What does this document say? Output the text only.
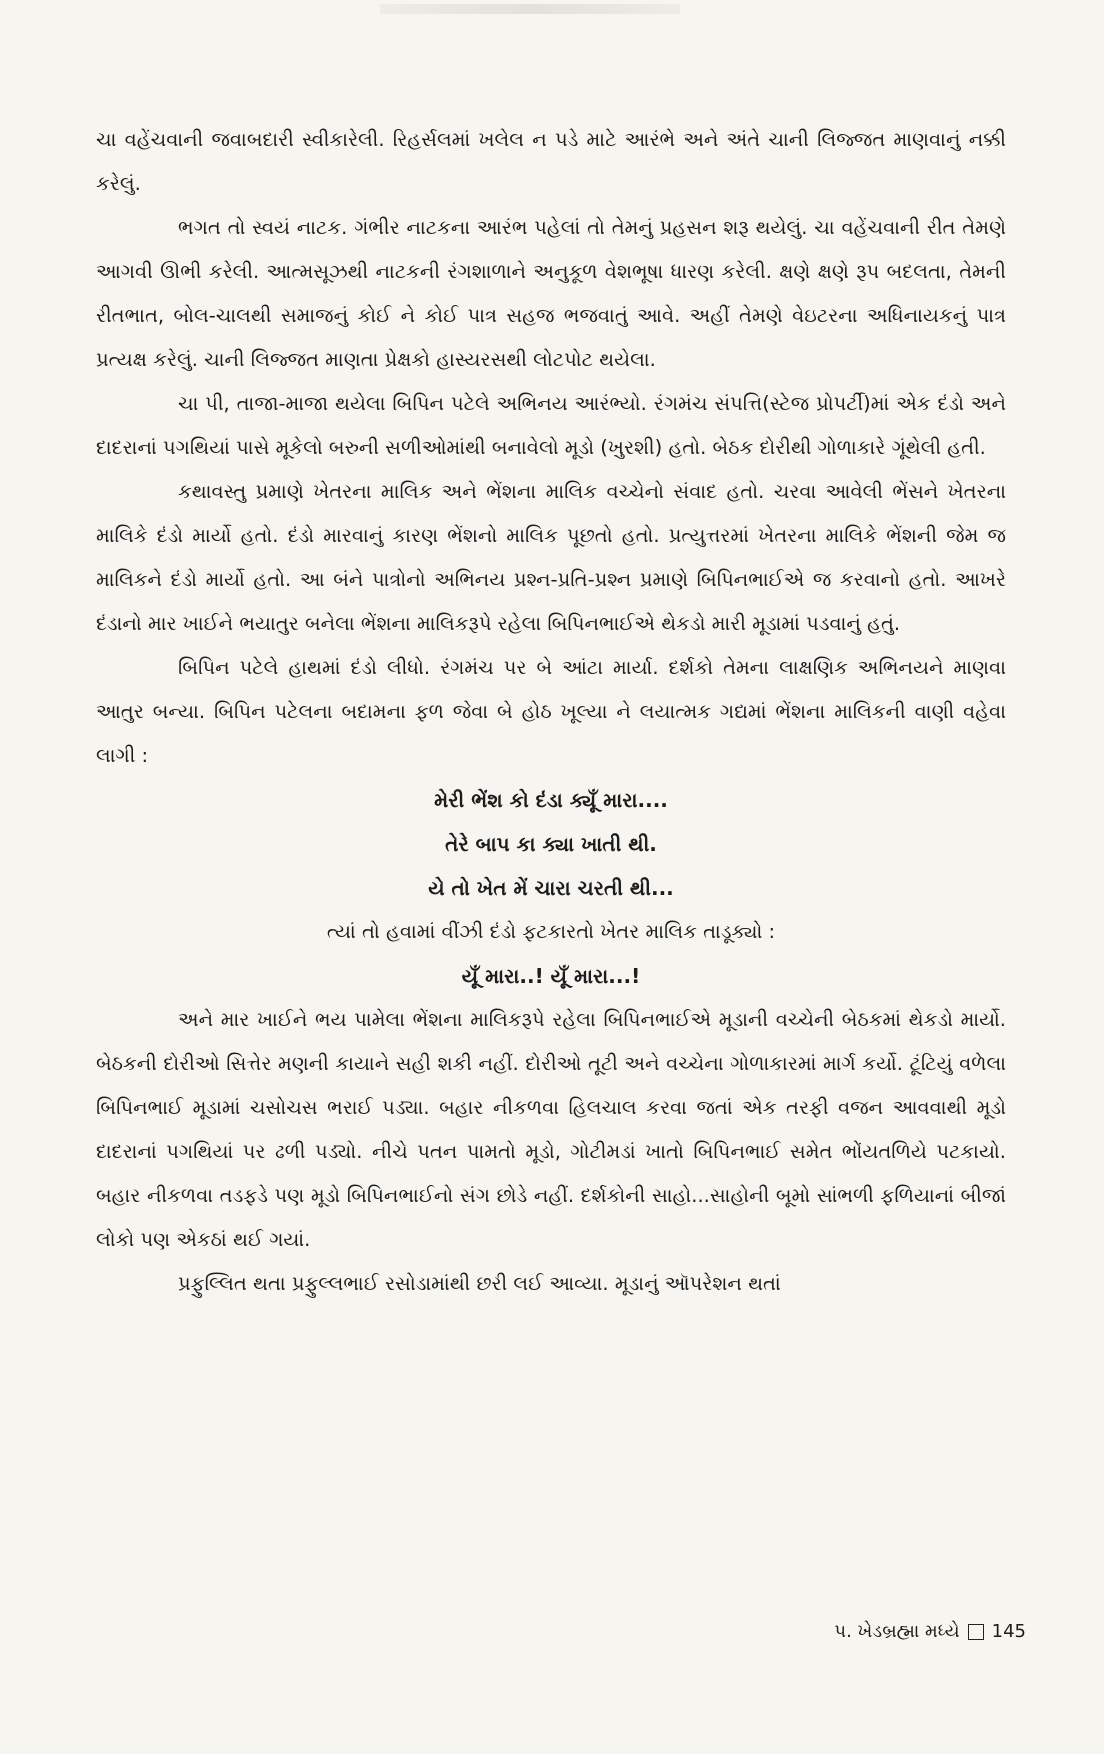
ચા વહેંચવાની જવાબદારી સ્વીકારેલી. રિહર્સલમાં ખલેલ ન પડે માટે આરંભે અને અંતે ચાની લિજ્જત માણવાનું નક્કી કરેલું.

ભગત તો સ્વયં નાટક. ગંભીર નાટકના આરંભ પહેલાં તો તેમનું પ્રહસન શરૂ થયેલું. ચા વહેંચવાની રીત તેમણે આગવી ઊભી કરેલી. આત્મસૂઝથી નાટકની રંગશાળાને અનુકૂળ વેશભૂષા ધારણ કરેલી. ક્ષણે ક્ષણે રૂપ બદલતા, તેમની રીતભાત, બોલ-ચાલથી સમાજનું કોઈ ને કોઈ પાત્ર સહજ ભજવાતું આવે. અહીં તેમણે વેઇટરના અધિનાયકનું પાત્ર પ્રત્યક્ષ કરેલું. ચાની લિજ્જત માણતા પ્રેક્ષકો હાસ્યરસથી લોટપોટ થયેલા.

ચા પી, તાજા-માજા થયેલા બિપિન પટેલે અભિનય આરંભ્યો. રંગમંચ સંપત્તિ(સ્ટેજ પ્રોપર્ટી)માં એક દંડો અને દાદરાનાં પગથિયાં પાસે મૂકેલો બરુની સળીઓમાંથી બનાવેલો મૂડો (ખુરશી) હતો. બેઠક દોરીથી ગોળાકારે ગૂંથેલી હતી.

કથાવસ્તુ પ્રમાણે ખેતરના માલિક અને ભેંશના માલિક વચ્ચેનો સંવાદ હતો. ચરવા આવેલી ભેંસને ખેતરના માલિકે દંડો માર્યો હતો. દંડો મારવાનું કારણ ભેંશનો માલિક પૂછતો હતો. પ્રત્યુત્તરમાં ખેતરના માલિકે ભેંશની જેમ જ માલિકને દંડો માર્યો હતો. આ બંને પાત્રોનો અભિનય પ્રશ્ન-પ્રતિ-પ્રશ્ન પ્રમાણે બિપિનભાઈએ જ કરવાનો હતો. આખરે દંડાનો માર ખાઈને ભયાતુર બનેલા ભેંશના માલિકરૂપે રહેલા બિપિનભાઈએ થેકડો મારી મૂડામાં પડવાનું હતું.

બિપિન પટેલે હાથમાં દંડો લીધો. રંગમંચ પર બે આંટા માર્યા. દર્શકો તેમના લાક્ષણિક અભિનયને માણવા આતુર બન્યા. બિપિન પટેલના બદામના ફળ જેવા બે હોઠ ખૂલ્યા ને લયાત્મક ગદ્યમાં ભેંશના માલિકની વાણી વહેવા લાગી :

મેરી ભેંશ કો દંડા ક્યૂઁ મારા....

તેરે બાપ કા ક્યા ખાતી થી.

યે તો ખેત મેં ચારા ચરતી થી...

ત્યાં તો હવામાં વીંઝી દંડો ફટકારતો ખેતર માલિક તાડૂક્યો :

યૂઁ મારા..! યૂઁ મારા...!

અને માર ખાઈને ભય પામેલા ભેંશના માલિકરૂપે રહેલા બિપિનભાઈએ મૂડાની વચ્ચેની બેઠકમાં થેકડો માર્યો. બેઠકની દોરીઓ સિત્તેર મણની કાયાને સહી શકી નહીં. દોરીઓ તૂટી અને વચ્ચેના ગોળાકારમાં માર્ગ કર્યો. ટૂંટિયું વળેલા બિપિનભાઈ મૂડામાં ચસોચસ ભરાઈ પડ્યા. બહાર નીકળવા હિલચાલ કરવા જતાં એક તરફી વજન આવવાથી મૂડો દાદરાનાં પગથિયાં પર ઢળી પડ્યો. નીચે પતન પામતો મૂડો, ગોટીમડાં ખાતો બિપિનભાઈ સમેત ભોંયતળિયે પટકાયો. બહાર નીકળવા તડફડે પણ મૂડો બિપિનભાઈનો સંગ છોડે નહીં. દર્શકોની સાહો...સાહોની બૂમો સાંભળી ફળિયાનાં બીજાં લોકો પણ એકઠાં થઈ ગયાં.

પ્રફુલ્લિત થતા પ્રફુલ્લભાઈ રસોડામાંથી છરી લઈ આવ્યા. મૂડાનું ઑપરેશન થતાં

પ. ખેડબ્રહ્મા મધ્યે 145
